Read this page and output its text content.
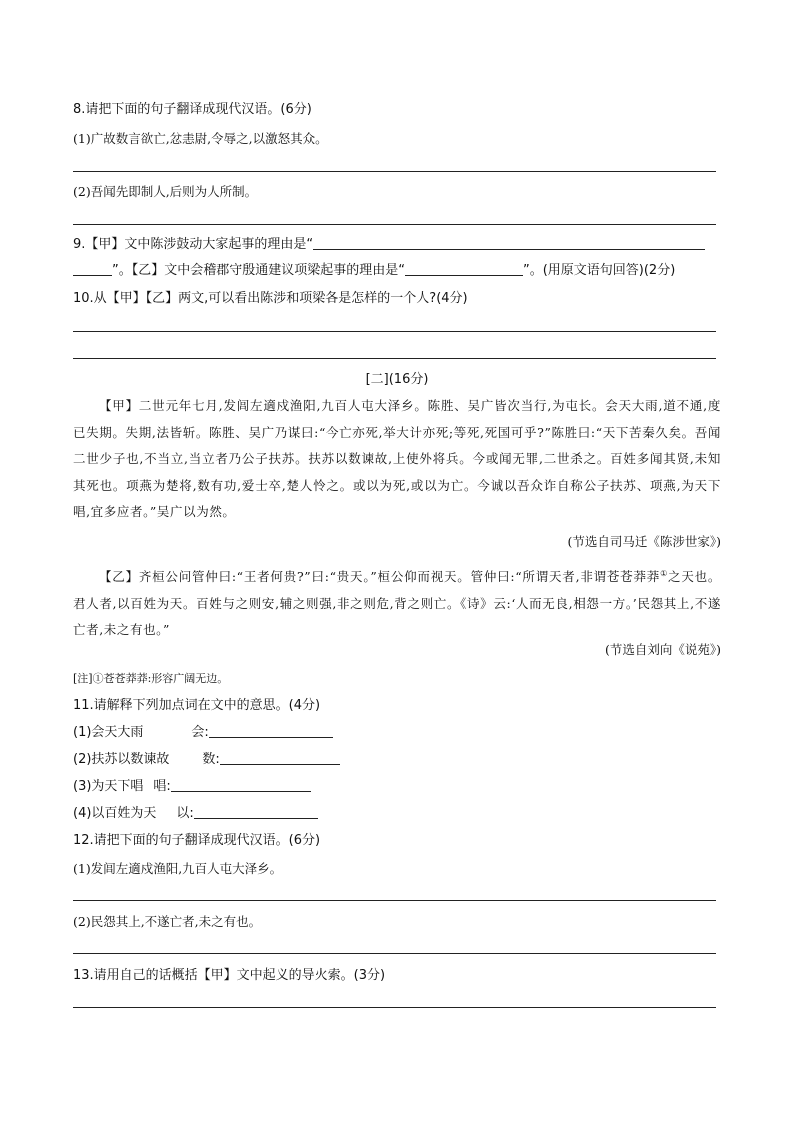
8.请把下面的句子翻译成现代汉语。(6分)
(1)广故数言欲亡,忿恚尉,令辱之,以激怒其众。
(2)吾闻先即制人,后则为人所制。
9.【甲】文中陈涉鼓动大家起事的理由是“
”。【乙】文中会稽郡守殷通建议项梁起事的理由是“	”。(用原文语句回答)(2分)
10.从【甲】【乙】两文,可以看出陈涉和项梁各是怎样的一个人?(4分)
[二](16分)
【甲】二世元年七月,发闾左適戍渔阳,九百人屯大泽乡。陈胜、吴广皆次当行,为屯长。会天大雨,道不通,度已失期。失期,法皆斩。陈胜、吴广乃谋曰:“今亡亦死,举大计亦死;等死,死国可乎?”陈胜曰:“天下苦秦久矣。吾闻二世少子也,不当立,当立者乃公子扶苏。扶苏以数谏故,上使外将兵。今或闻无罪,二世杀之。百姓多闻其贤,未知其死也。项燕为楚将,数有功,爱士卒,楚人怜之。或以为死,或以为亡。今诚以吾众诈自称公子扶苏、项燕,为天下唱,宜多应者。”吴广以为然。
(节选自司马迁《陈涉世家》)
【乙】齐桓公问管仲曰:“王者何贵?”曰:“贵天。”桓公仰而视天。管仲曰:“所谓天者,非谓苍苍莽莽①之天也。君人者,以百姓为天。百姓与之则安,辅之则强,非之则危,背之则亡。《诗》云:‘人而无良,相怨一方。’民怨其上,不遂亡者,未之有也。”
(节选自刘向《说苑》)
[注]①苍苍莽莽:形容广阔无边。
11.请解释下列加点词在文中的意思。(4分)
(1)会天大雨	会:
(2)扶苏以数谏故	数:
(3)为天下唱 唱:
(4)以百姓为天 以:
12.请把下面的句子翻译成现代汉语。(6分)
(1)发闾左適戍渔阳,九百人屯大泽乡。
(2)民怨其上,不遂亡者,未之有也。
13.请用自己的话概括【甲】文中起义的导火索。(3分)
